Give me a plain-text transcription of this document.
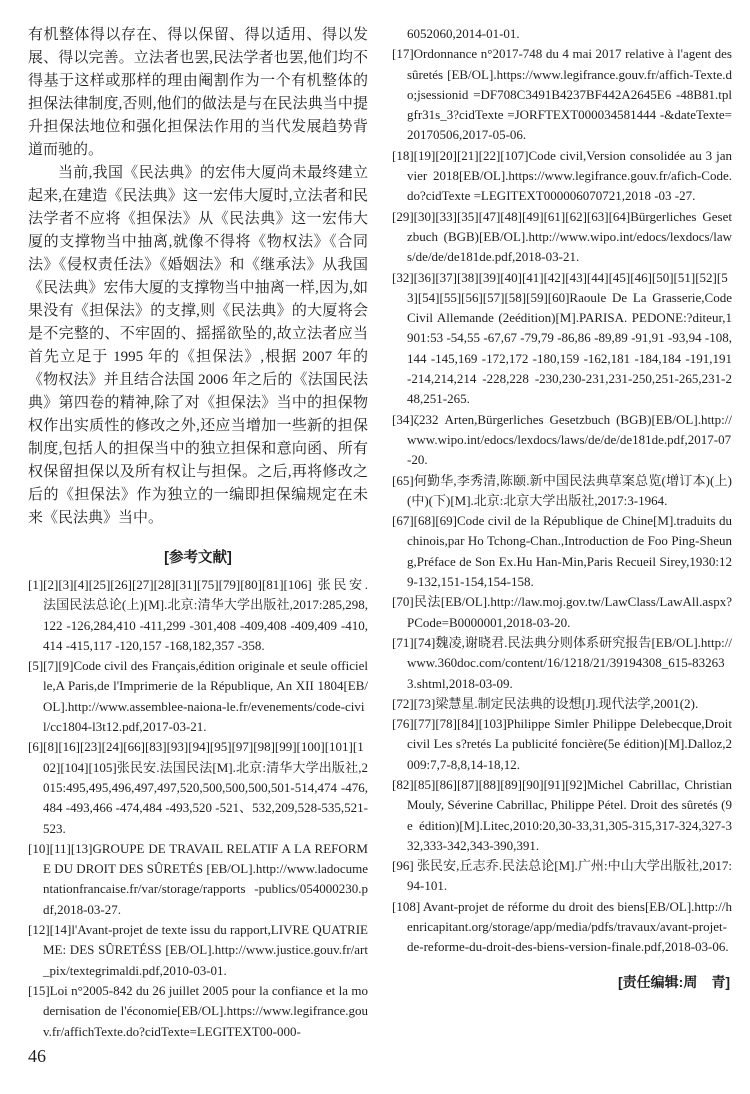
有机整体得以存在、得以保留、得以适用、得以发展、得以完善。立法者也罢,民法学者也罢,他们均不得基于这样或那样的理由阉割作为一个有机整体的担保法律制度,否则,他们的做法是与在民法典当中提升担保法地位和强化担保法作用的当代发展趋势背道而驰的。

当前,我国《民法典》的宏伟大厦尚未最终建立起来,在建造《民法典》这一宏伟大厦时,立法者和民法学者不应将《担保法》从《民法典》这一宏伟大厦的支撑物当中抽离,就像不得将《物权法》《合同法》《侵权责任法》《婚姻法》和《继承法》从我国《民法典》宏伟大厦的支撑物当中抽离一样,因为,如果没有《担保法》的支撑,则《民法典》的大厦将会是不完整的、不牢固的、摇摇欲坠的,故立法者应当首先立足于 1995 年的《担保法》,根据 2007 年的《物权法》并且结合法国 2006 年之后的《法国民法典》第四卷的精神,除了对《担保法》当中的担保物权作出实质性的修改之外,还应当增加一些新的担保制度,包括人的担保当中的独立担保和意向函、所有权保留担保以及所有权让与担保。之后,再将修改之后的《担保法》作为独立的一编即担保编规定在未来《民法典》当中。

[参考文献]

[1][2][3][4][25][26][27][28][31][75][79][80][81][106] 张民安.法国民法总论(上)[M].北京:清华大学出版社,2017:285,298,122 -126,284,410 -411,299 -301,408 -409,408 -409,409 -410,414 -415,117 -120,157 -168,182,357 -358.

[5][7][9]Code civil des Français,édition originale et seule officielle,A Paris,de l'Imprimerie de la République, An XII 1804[EB/OL].http://www.assemblee-naiona-le.fr/evenements/code-civil/cc1804-l3t12.pdf,2017-03-21.

[6][8][16][23][24][66][83][93][94][95][97][98][99][100][101][102][104][105]张民安.法国民法[M].北京:清华大学出版社,2015:495,495,496,497,497,520,500,500,500,501-514,474 -476,484 -493,466 -474,484 -493,520 -521、532,209,528-535,521-523.

[10][11][13]GROUPE DE TRAVAIL RELATIF A LA REFORME DU DROIT DES SÛRETÉS [EB/OL].http://www.ladocumentationfrancaise.fr/var/storage/rapports -publics/054000230.pdf,2018-03-27.

[12][14]l'Avant-projet de texte issu du rapport,LIVRE QUATRIEME: DES SÛRETÉSS [EB/OL].http://www.justice.gouv.fr/art_pix/textegrimaldi.pdf,2010-03-01.

[15]Loi n°2005-842 du 26 juillet 2005 pour la confiance et la modernisation de l'économie[EB/OL].https://www.legifrance.gouv.fr/affichTexte.do?cidTexte=LEGITEXT00-000-

6052060,2014-01-01.

[17]Ordonnance n°2017-748 du 4 mai 2017 relative à l'agent des sûretés [EB/OL].https://www.legifrance.gouv.fr/affich-Texte.do;jsessionid =DF708C3491B4237BF442A2645E6 -48B81.tplgfr31s_3?cidTexte =JORFTEXT000034581444 -&dateTexte=20170506,2017-05-06.

[18][19][20][21][22][107]Code civil,Version consolidée au 3 janvier 2018[EB/OL].https://www.legifrance.gouv.fr/afich-Code.do?cidTexte =LEGITEXT000006070721,2018 -03 -27.

[29][30][33][35][47][48][49][61][62][63][64]Bürgerliches Gesetzbuch (BGB)[EB/OL].http://www.wipo.int/edocs/lexdocs/laws/de/de/de181de.pdf,2018-03-21.

[32][36][37][38][39][40][41][42][43][44][45][46][50][51][52][53][54][55][56][57][58][59][60]Raoule De La Grasserie,Code Civil Allemande (2eédition)[M].PARISA. PEDONE:?diteur,1901:53 -54,55 -67,67 -79,79 -86,86 -89,89 -91,91 -93,94 -108,144 -145,169 -172,172 -180,159 -162,181 -184,184 -191,191 -214,214,214 -228,228 -230,230-231,231-250,251-265,231-248,251-265.

[34]ζ232 Arten,Bürgerliches Gesetzbuch (BGB)[EB/OL].http://www.wipo.int/edocs/lexdocs/laws/de/de/de181de.pdf,2017-07-20.

[65]何勤华,李秀清,陈颐.新中国民法典草案总览(增订本)(上)(中)(下)[M].北京:北京大学出版社,2017:3-1964.

[67][68][69]Code civil de la République de Chine[M].traduits du chinois,par Ho Tchong-Chan.,Introduction de Foo Ping-Sheung,Préface de Son Ex.Hu Han-Min,Paris Recueil Sirey,1930:129-132,151-154,154-158.

[70]民法[EB/OL].http://law.moj.gov.tw/LawClass/LawAll.aspx?PCode=B0000001,2018-03-20.

[71][74]魏凌,谢晓君.民法典分则体系研究报告[EB/OL].http://www.360doc.com/content/16/1218/21/39194308_615-832633.shtml,2018-03-09.

[72][73]梁慧星.制定民法典的设想[J].现代法学,2001(2).

[76][77][78][84][103]Philippe Simler Philippe Delebecque,Droit civil Les s?retés La publicité foncière(5e édition)[M].Dalloz,2009:7,7-8,8,14-18,12.

[82][85][86][87][88][89][90][91][92]Michel Cabrillac, Christian Mouly, Séverine Cabrillac, Philippe Pétel. Droit des sûretés (9e édition)[M].Litec,2010:20,30-33,31,305-315,317-324,327-332,333-342,343-390,391.

[96] 张民安,丘志乔.民法总论[M].广州:中山大学出版社,2017:94-101.

[108] Avant-projet de réforme du droit des biens[EB/OL].http://henricapitant.org/storage/app/media/pdfs/travaux/avant-projet-de-reforme-du-droit-des-biens-version-finale.pdf,2018-03-06.

[责任编辑:周　青]
46
